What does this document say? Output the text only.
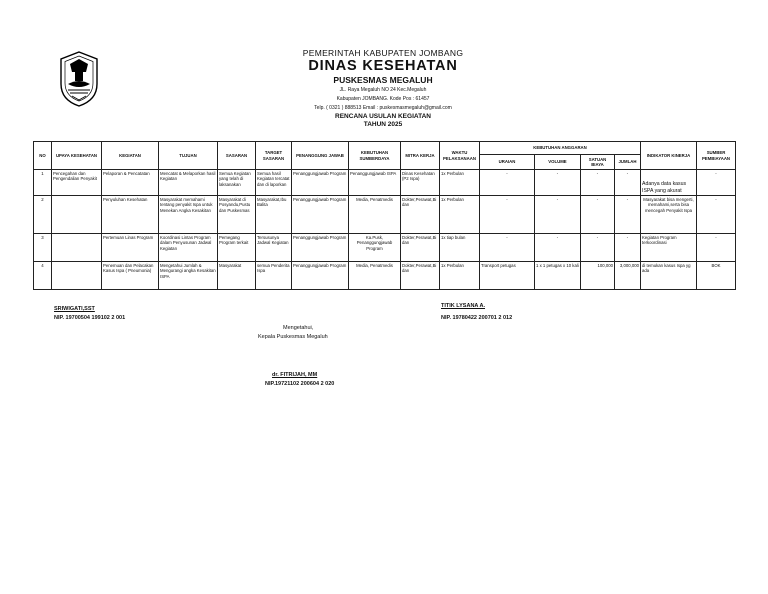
PEMERINTAH KABUPATEN JOMBANG
DINAS KESEHATAN
PUSKESMAS MEGALUH
JL. Raya Megaluh NO 24 Kec.Megaluh
Kabupaten JOMBANG. Kode Pos : 61457
Telp. ( 0321 ) 888513 Email : puskesmasmegaluh@gmail.com
RENCANA USULAN KEGIATAN
TAHUN 2025
NO	UPAYA KESEHATAN	KEGIATAN	TUJUAN	SASARAN	TARGET SASARAN	PENANGGUNG JAWAB	KEBUTUHAN SUMBERDAYA	MITRA KERJA	WAKTU PELAKSANAAN	KEBUTUHAN ANGGARAN				INDIKATOR KINERJA	SUMBER PEMBIAYAAN
										URAIAN	VOLUME	SATUAN BIAYA	JUMLAH		
1	Pencegahan dan Pengendalian Penyakit	Pelaporan & Pencatatan	Mencatat & Melaporkan hasil Kegiatan	Semua Kegiatan yang telah di laksanakan	Semua hasil Kegiatan tercatat dan di laporkan	Penanggungjawab Program	Penanggungjawab ISPA	Dinas Kesehatan (P2 Ispa)	1x Perbulan	-	-	-	-	Adanya data kasus ISPA yang akurat	-
2		Penyuluhan Kesehatan	Masyarakat memahami tentang penyakit Ispa untuk Menekan Angka Kesakitan	Masyarakat di Posyandu,Pustu dan Puskesmas	Masyarakat,Ibu Balita	Penanggungjawab Program	Media, Penatmedis	Dokter,Perawat,Bidan	1x Perbulan	-	-	-	-	Masyarakat bisa mengerti, memahami,serta bisa mencegah Penyakit Ispa	-
3		Pertemuan Linas Program	Koordinasi Lintas Program dalam Penyusunan Jadwal Kegiatan	Pemegang Program terkait	Tersusunya Jadwal Kegiatan	Penanggungjawab Program	Ka.Pusk, Penanggungjawab Program	Dokter,Perawat,Bidan	1x tiap bulan	-	-	-	-	Kegiatan Program terkoordinasi	-
4		Penemuan dan Pelacakan Kasus Ispa ( Pneumonia)	Mengetahui Jumlah & Mengurangi angka Kesakitan ISPA	Masyarakat	semua Penderita Ispa	Penanggungjawab Program	Media, Penatmedis	Dokter,Perawat,Bidan	1x Perbulan	Transport petugas	1 x 1 petugas x 10 kali	100,000	3,000,000	di temukan kasus Ispa yg ada	BOK
SRIWIGATI,SST
NIP. 19700504 199102 2 001
TITIK LYSANA A.
NIP. 19780422 200701 2 012
Mengetahui,
Kepala Puskesmas Megaluh
dr. FITRIJAH, MM
NIP.19721102 200604 2 020
